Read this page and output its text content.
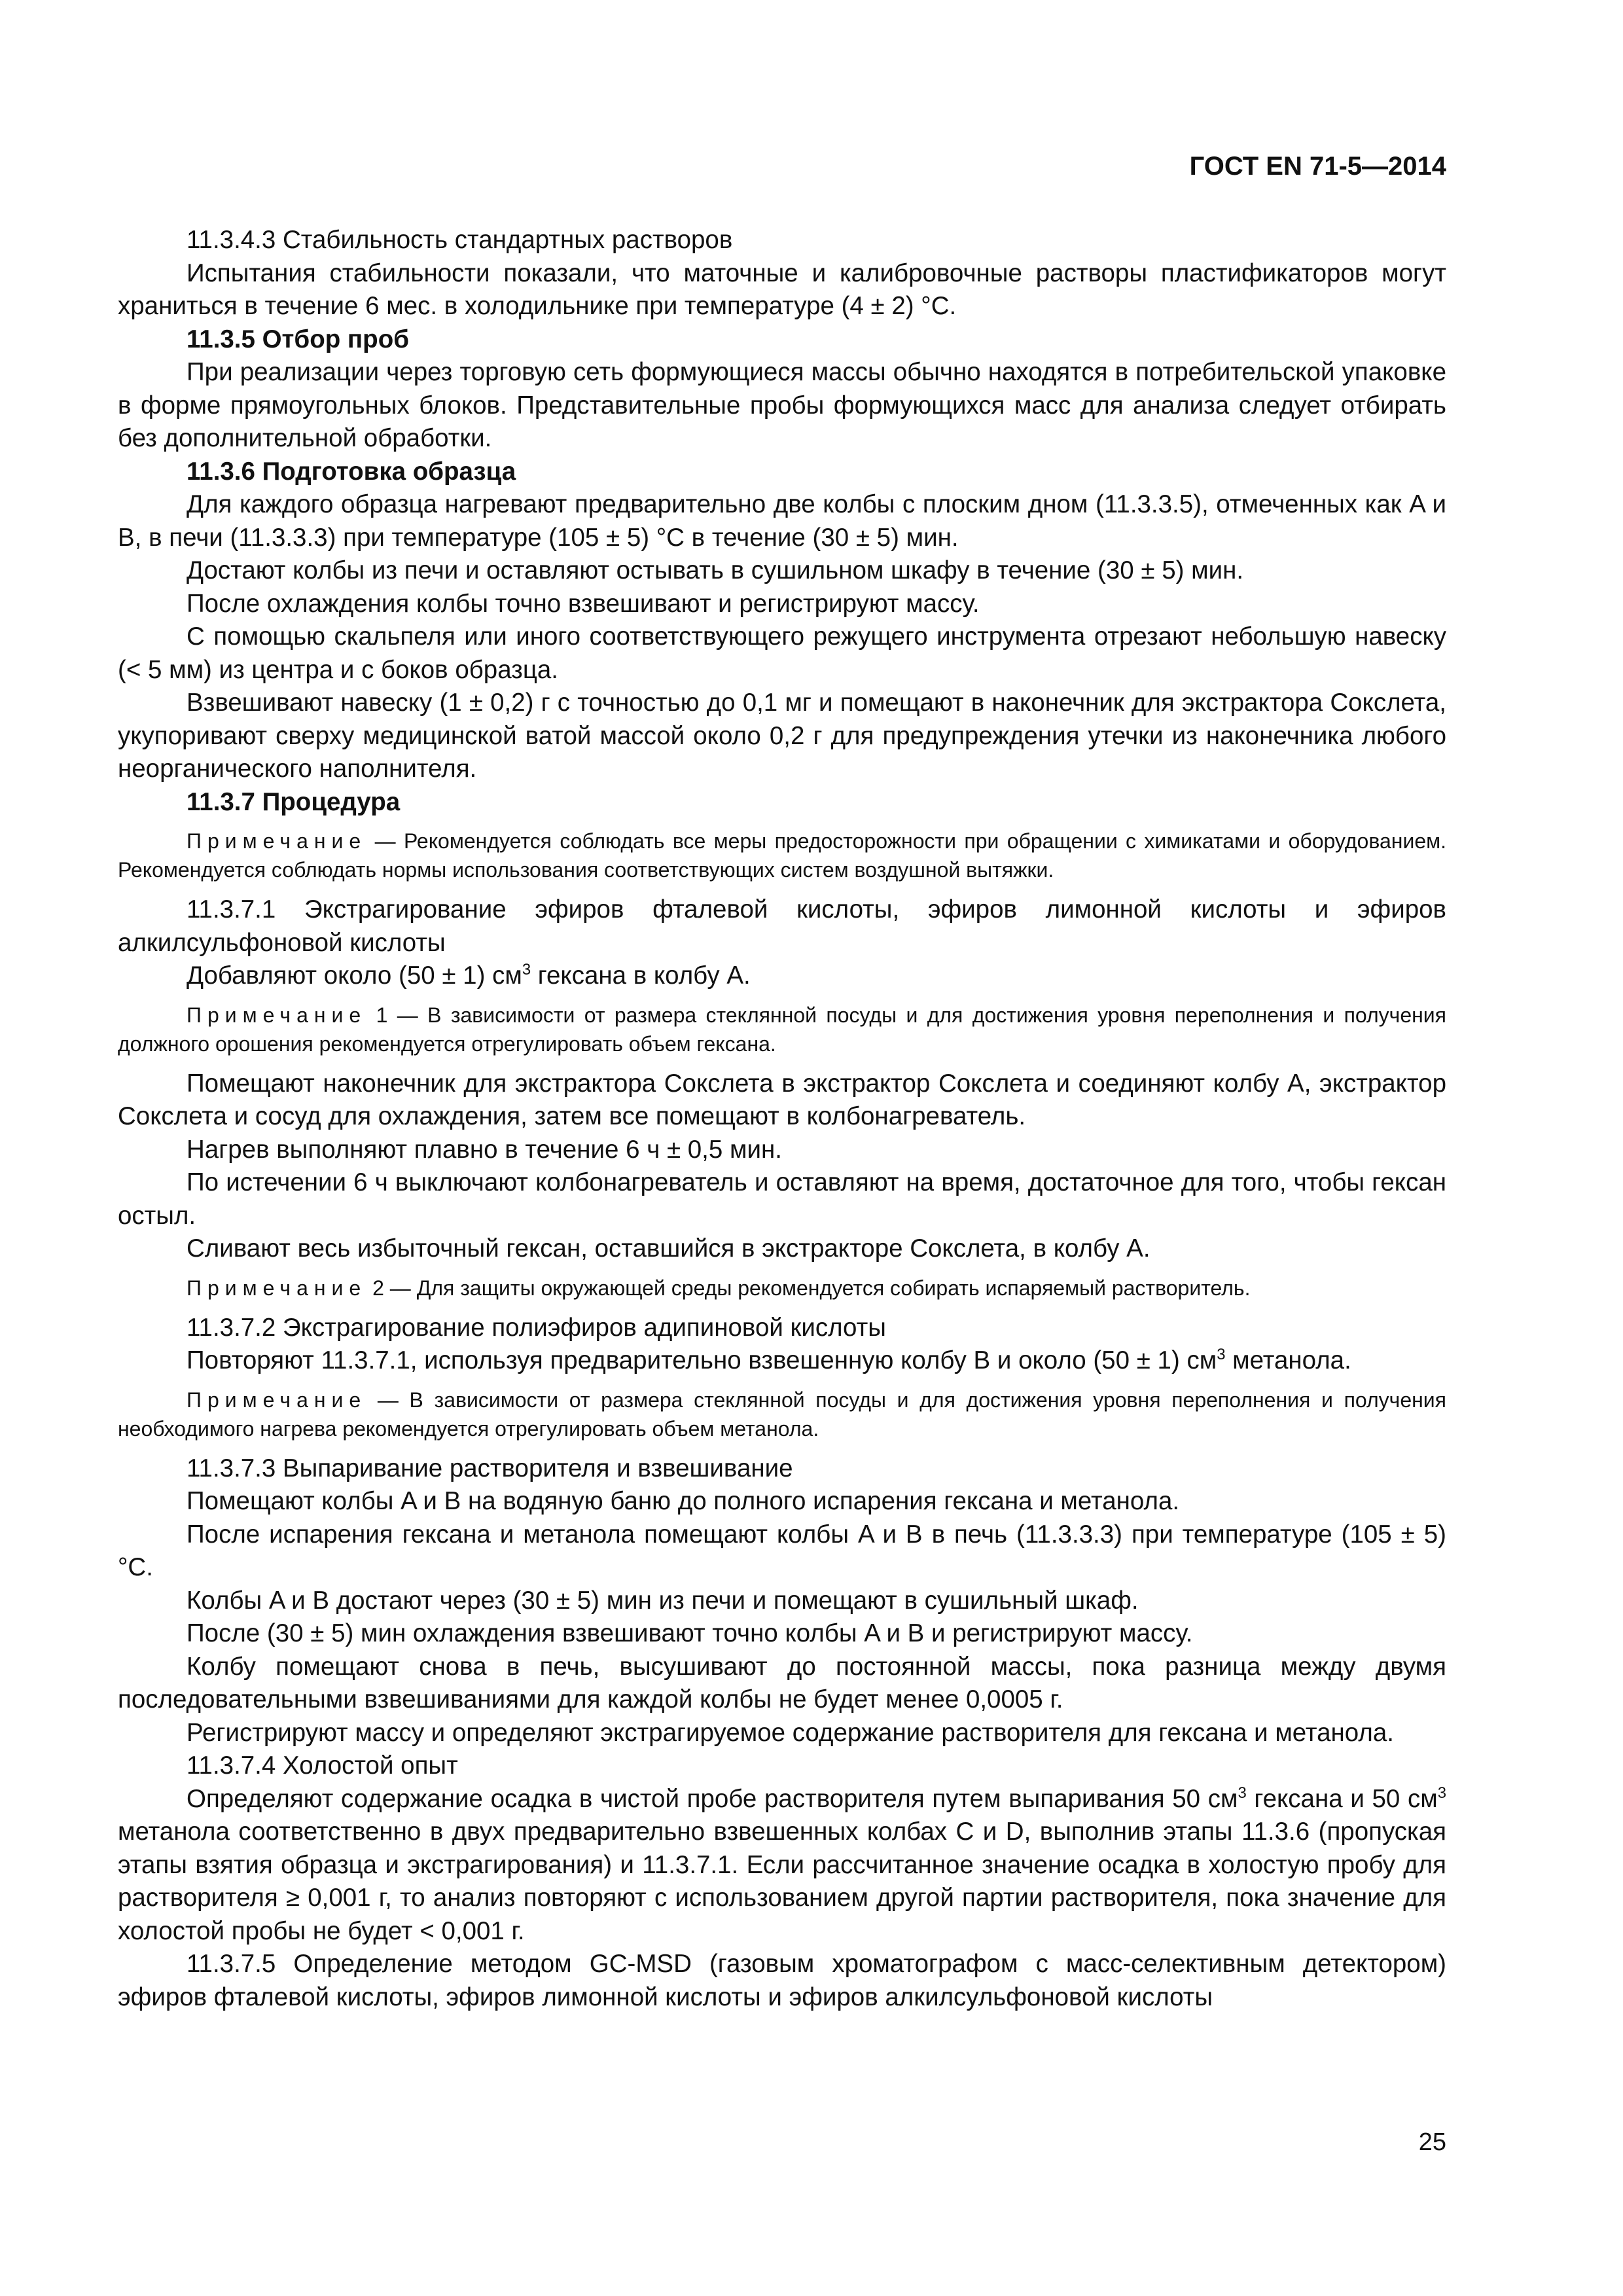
ГОСТ EN 71-5—2014

11.3.4.3 Стабильность стандартных растворов

Испытания стабильности показали, что маточные и калибровочные растворы пластификаторов могут храниться в течение 6 мес. в холодильнике при температуре (4 ± 2) °C.

11.3.5 Отбор проб

При реализации через торговую сеть формующиеся массы обычно находятся в потребительской упаковке в форме прямоугольных блоков. Представительные пробы формующихся масс для анализа следует отбирать без дополнительной обработки.

11.3.6 Подготовка образца

Для каждого образца нагревают предварительно две колбы с плоским дном (11.3.3.5), отмеченных как A и B, в печи (11.3.3.3) при температуре (105 ± 5) °C в течение (30 ± 5) мин.

Достают колбы из печи и оставляют остывать в сушильном шкафу в течение (30 ± 5) мин.

После охлаждения колбы точно взвешивают и регистрируют массу.

С помощью скальпеля или иного соответствующего режущего инструмента отрезают небольшую навеску (< 5 мм) из центра и с боков образца.

Взвешивают навеску (1 ± 0,2) г с точностью до 0,1 мг и помещают в наконечник для экстрактора Сокслета, укупоривают сверху медицинской ватой массой около 0,2 г для предупреждения утечки из наконечника любого неорганического наполнителя.

11.3.7 Процедура

Примечание — Рекомендуется соблюдать все меры предосторожности при обращении с химикатами и оборудованием. Рекомендуется соблюдать нормы использования соответствующих систем воздушной вытяжки.

11.3.7.1 Экстрагирование эфиров фталевой кислоты, эфиров лимонной кислоты и эфиров алкилсульфоновой кислоты

Добавляют около (50 ± 1) $см^3$ гексана в колбу A.

Примечание 1 — В зависимости от размера стеклянной посуды и для достижения уровня переполнения и получения должного орошения рекомендуется отрегулировать объем гексана.

Помещают наконечник для экстрактора Сокслета в экстрактор Сокслета и соединяют колбу A, экстрактор Сокслета и сосуд для охлаждения, затем все помещают в колбонагреватель.

Нагрев выполняют плавно в течение 6 ч ± 0,5 мин.

По истечении 6 ч выключают колбонагреватель и оставляют на время, достаточное для того, чтобы гексан остыл.

Сливают весь избыточный гексан, оставшийся в экстракторе Сокслета, в колбу A.

Примечание 2 — Для защиты окружающей среды рекомендуется собирать испаряемый растворитель.

11.3.7.2 Экстрагирование полиэфиров адипиновой кислоты

Повторяют 11.3.7.1, используя предварительно взвешенную колбу B и около (50 ± 1) $см^3$ метанола.

Примечание — В зависимости от размера стеклянной посуды и для достижения уровня переполнения и получения необходимого нагрева рекомендуется отрегулировать объем метанола.

11.3.7.3 Выпаривание растворителя и взвешивание

Помещают колбы A и B на водяную баню до полного испарения гексана и метанола.

После испарения гексана и метанола помещают колбы A и B в печь (11.3.3.3) при температуре (105 ± 5) °C.

Колбы A и B достают через (30 ± 5) мин из печи и помещают в сушильный шкаф.

После (30 ± 5) мин охлаждения взвешивают точно колбы A и B и регистрируют массу.

Колбу помещают снова в печь, высушивают до постоянной массы, пока разница между двумя последовательными взвешиваниями для каждой колбы не будет менее 0,0005 г.

Регистрируют массу и определяют экстрагируемое содержание растворителя для гексана и метанола.

11.3.7.4 Холостой опыт

Определяют содержание осадка в чистой пробе растворителя путем выпаривания 50 $см^3$ гексана и 50 $см^3$ метанола соответственно в двух предварительно взвешенных колбах C и D, выполнив этапы 11.3.6 (пропуская этапы взятия образца и экстрагирования) и 11.3.7.1. Если рассчитанное значение осадка в холостую пробу для растворителя ≥ 0,001 г, то анализ повторяют с использованием другой партии растворителя, пока значение для холостой пробы не будет < 0,001 г.

11.3.7.5 Определение методом GC-MSD (газовым хроматографом с масс-селективным детектором) эфиров фталевой кислоты, эфиров лимонной кислоты и эфиров алкилсульфоновой кислоты

25
